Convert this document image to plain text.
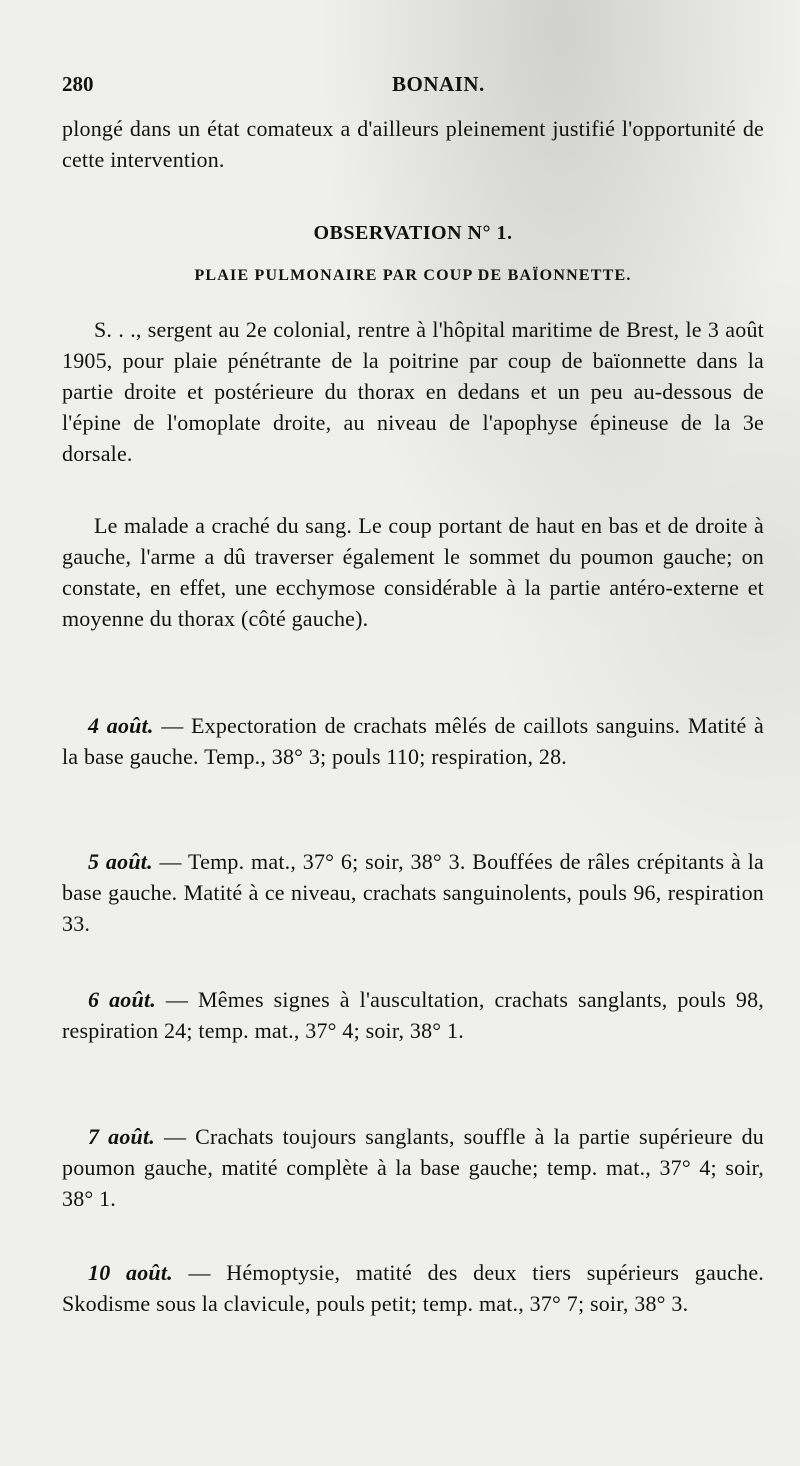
280	BONAIN.

plongé dans un état comateux a d'ailleurs pleinement justifié l'opportunité de cette intervention.

OBSERVATION N° 1.

PLAIE PULMONAIRE PAR COUP DE BAÏONNETTE.

S. . ., sergent au 2e colonial, rentre à l'hôpital maritime de Brest, le 3 août 1905, pour plaie pénétrante de la poitrine par coup de baïonnette dans la partie droite et postérieure du thorax en dedans et un peu au-dessous de l'épine de l'omoplate droite, au niveau de l'apophyse épineuse de la 3e dorsale.

Le malade a craché du sang. Le coup portant de haut en bas et de droite à gauche, l'arme a dû traverser également le sommet du poumon gauche; on constate, en effet, une ecchymose considérable à la partie antéro-externe et moyenne du thorax (côté gauche).

4 août. — Expectoration de crachats mêlés de caillots sanguins. Matité à la base gauche. Temp., 38° 3; pouls 110; respiration, 28.

5 août. — Temp. mat., 37° 6; soir, 38° 3. Bouffées de râles crépitants à la base gauche. Matité à ce niveau, crachats sanguinolents, pouls 96, respiration 33.

6 août. — Mêmes signes à l'auscultation, crachats sanglants, pouls 98, respiration 24; temp. mat., 37° 4; soir, 38° 1.

7 août. — Crachats toujours sanglants, souffle à la partie supérieure du poumon gauche, matité complète à la base gauche; temp. mat., 37° 4; soir, 38° 1.

10 août. — Hémoptysie, matité des deux tiers supérieurs gauche. Skodisme sous la clavicule, pouls petit; temp. mat., 37° 7; soir, 38° 3.
